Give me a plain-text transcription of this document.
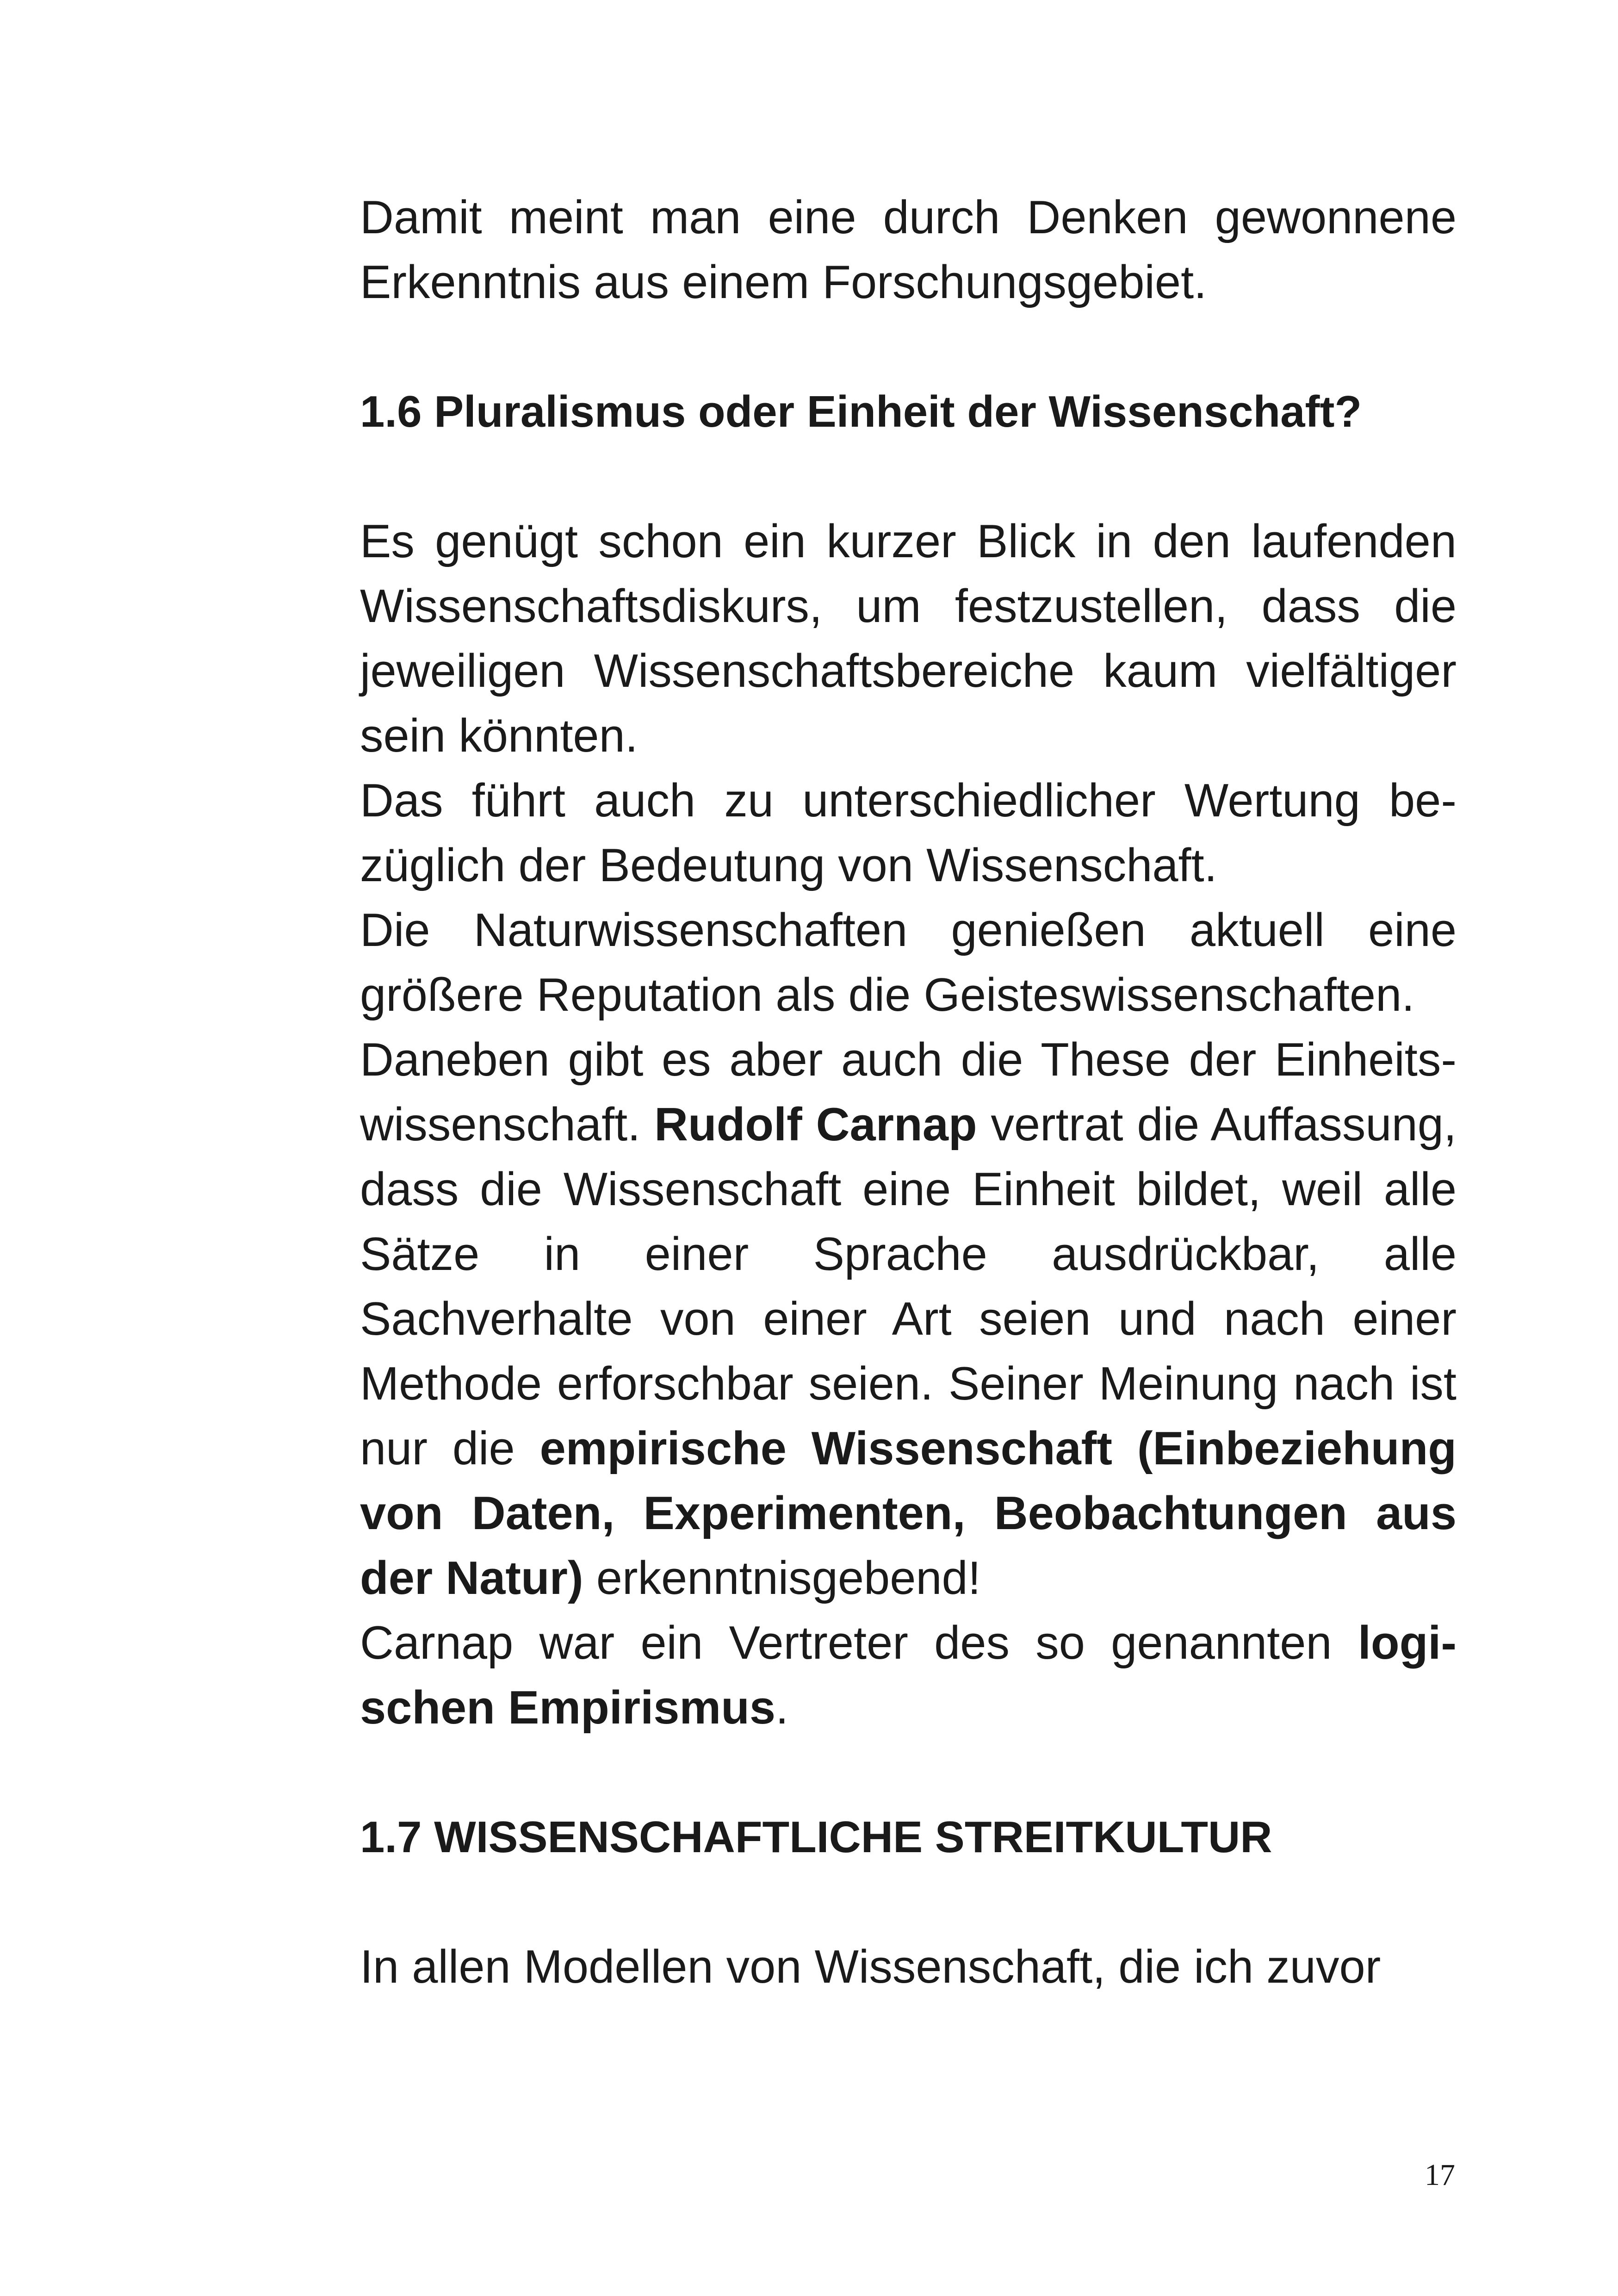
Damit meint man eine durch Denken gewonnene Erkenntnis aus einem Forschungsgebiet.

1.6 Pluralismus oder Einheit der Wissenschaft?

Es genügt schon ein kurzer Blick in den laufenden Wissenschaftsdiskurs, um festzustellen, dass die jeweiligen Wissenschaftsbereiche kaum vielfältiger sein könnten.

Das führt auch zu unterschiedlicher Wertung bezüglich der Bedeutung von Wissenschaft.

Die Naturwissenschaften genießen aktuell eine größere Reputation als die Geisteswissenschaften.

Daneben gibt es aber auch die These der Einheitswissenschaft. Rudolf Carnap vertrat die Auffassung, dass die Wissenschaft eine Einheit bildet, weil alle Sätze in einer Sprache ausdrückbar, alle Sachverhalte von einer Art seien und nach einer Methode erforschbar seien. Seiner Meinung nach ist nur die empirische Wissenschaft (Einbeziehung von Daten, Experimenten, Beobachtungen aus der Natur) erkenntnisgebend!

Carnap war ein Vertreter des so genannten logischen Empirismus.

1.7 WISSENSCHAFTLICHE STREITKULTUR

In allen Modellen von Wissenschaft, die ich zuvor

17
